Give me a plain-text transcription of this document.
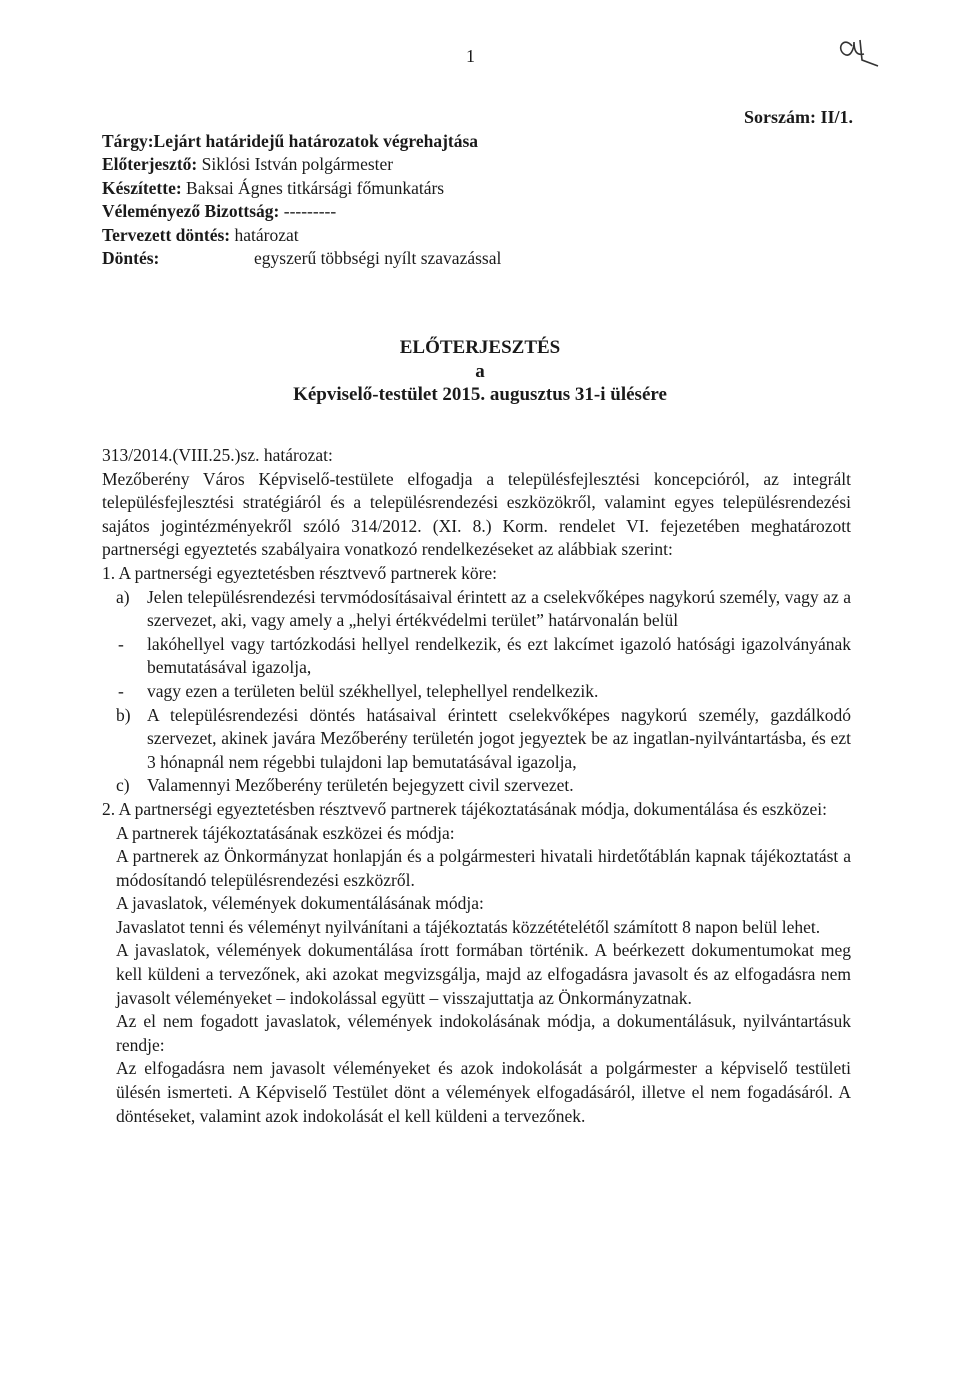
1
Sorszám: II/1.
Tárgy:Lejárt határidejű határozatok végrehajtása
Előterjesztő: Siklósi István polgármester
Készítette: Baksai Ágnes titkársági főmunkatárs
Véleményező Bizottság: ---------
Tervezett döntés: határozat
Döntés:	egyszerű többségi nyílt szavazással
ELŐTERJESZTÉS
a
Képviselő-testület 2015. augusztus 31-i ülésére
313/2014.(VIII.25.)sz. határozat:
Mezőberény Város Képviselő-testülete elfogadja a településfejlesztési koncepcióról, az integrált településfejlesztési stratégiáról és a településrendezési eszközökről, valamint egyes településrendezési sajátos jogintézményekről szóló 314/2012. (XI. 8.) Korm. rendelet VI. fejezetében meghatározott partnerségi egyeztetés szabályaira vonatkozó rendelkezéseket az alábbiak szerint:
1. A partnerségi egyeztetésben résztvevő partnerek köre:
a) Jelen településrendezési tervmódosításaival érintett az a cselekvőképes nagykorú személy, vagy az a szervezet, aki, vagy amely a „helyi értékvédelmi terület” határvonalán belül
- lakóhellyel vagy tartózkodási hellyel rendelkezik, és ezt lakcímet igazoló hatósági igazolványának bemutatásával igazolja,
- vagy ezen a területen belül székhellyel, telephellyel rendelkezik.
b) A településrendezési döntés hatásaival érintett cselekvőképes nagykorú személy, gazdálkodó szervezet, akinek javára Mezőberény területén jogot jegyeztek be az ingatlan-nyilvántartásba, és ezt 3 hónapnál nem régebbi tulajdoni lap bemutatásával igazolja,
c) Valamennyi Mezőberény területén bejegyzett civil szervezet.
2. A partnerségi egyeztetésben résztvevő partnerek tájékoztatásának módja, dokumentálása és eszközei:
A partnerek tájékoztatásának eszközei és módja:
A partnerek az Önkormányzat honlapján és a polgármesteri hivatali hirdetőtáblán kapnak tájékoztatást a módosítandó településrendezési eszközről.
A javaslatok, vélemények dokumentálásának módja:
Javaslatot tenni és véleményt nyilvánítani a tájékoztatás közzétételétől számított 8 napon belül lehet.
A javaslatok, vélemények dokumentálása írott formában történik. A beérkezett dokumentumokat meg kell küldeni a tervezőnek, aki azokat megvizsgálja, majd az elfogadásra javasolt és az elfogadásra nem javasolt véleményeket – indokolással együtt – visszajuttatja az Önkormányzatnak.
Az el nem fogadott javaslatok, vélemények indokolásának módja, a dokumentálásuk, nyilvántartásuk rendje:
Az elfogadásra nem javasolt véleményeket és azok indokolását a polgármester a képviselő testületi ülésén ismerteti. A Képviselő Testület dönt a vélemények elfogadásáról, illetve el nem fogadásáról. A döntéseket, valamint azok indokolását el kell küldeni a tervezőnek.
